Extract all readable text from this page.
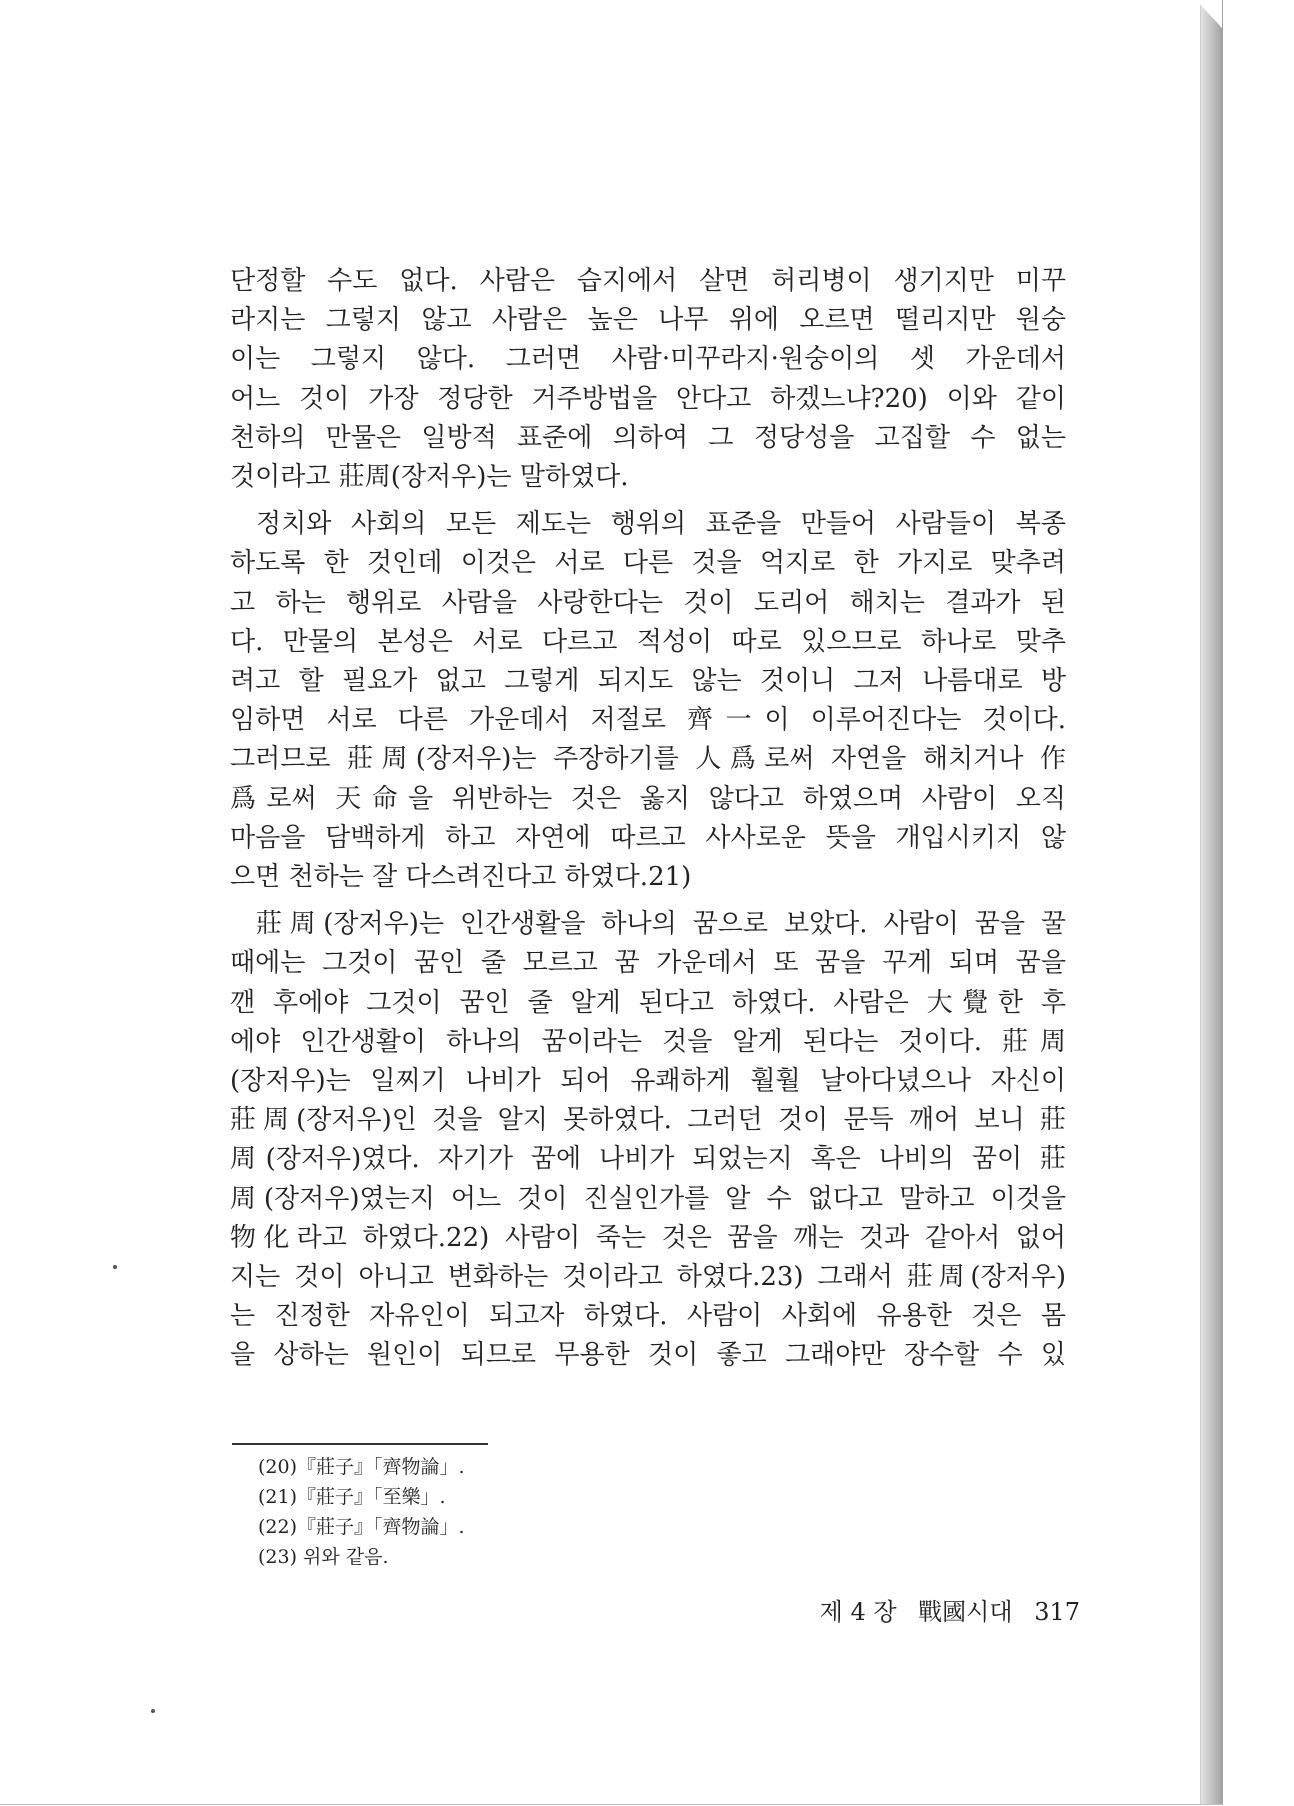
단정할 수도 없다. 사람은 습지에서 살면 허리병이 생기지만 미꾸

라지는 그렇지 않고 사람은 높은 나무 위에 오르면 떨리지만 원숭

이는 그렇지 않다. 그러면 사람·미꾸라지·원숭이의 셋 가운데서

어느 것이 가장 정당한 거주방법을 안다고 하겠느냐?20) 이와 같이

천하의 만물은 일방적 표준에 의하여 그 정당성을 고집할 수 없는

것이라고 莊周(장저우)는 말하였다.

정치와 사회의 모든 제도는 행위의 표준을 만들어 사람들이 복종

하도록 한 것인데 이것은 서로 다른 것을 억지로 한 가지로 맞추려

고 하는 행위로 사람을 사랑한다는 것이 도리어 해치는 결과가 된

다. 만물의 본성은 서로 다르고 적성이 따로 있으므로 하나로 맞추

려고 할 필요가 없고 그렇게 되지도 않는 것이니 그저 나름대로 방

임하면 서로 다른 가운데서 저절로 齊一이 이루어진다는 것이다.

그러므로 莊周(장저우)는 주장하기를 人爲로써 자연을 해치거나 作

爲로써 天命을 위반하는 것은 옳지 않다고 하였으며 사람이 오직

마음을 담백하게 하고 자연에 따르고 사사로운 뜻을 개입시키지 않

으면 천하는 잘 다스려진다고 하였다.21)

莊周(장저우)는 인간생활을 하나의 꿈으로 보았다. 사람이 꿈을 꿀

때에는 그것이 꿈인 줄 모르고 꿈 가운데서 또 꿈을 꾸게 되며 꿈을

깬 후에야 그것이 꿈인 줄 알게 된다고 하였다. 사람은 大覺한 후

에야 인간생활이 하나의 꿈이라는 것을 알게 된다는 것이다. 莊周

(장저우)는 일찌기 나비가 되어 유쾌하게 훨훨 날아다녔으나 자신이

莊周(장저우)인 것을 알지 못하였다. 그러던 것이 문득 깨어 보니 莊

周(장저우)였다. 자기가 꿈에 나비가 되었는지 혹은 나비의 꿈이 莊

周(장저우)였는지 어느 것이 진실인가를 알 수 없다고 말하고 이것을

物化라고 하였다.22) 사람이 죽는 것은 꿈을 깨는 것과 같아서 없어

지는 것이 아니고 변화하는 것이라고 하였다.23) 그래서 莊周(장저우)

는 진정한 자유인이 되고자 하였다. 사람이 사회에 유용한 것은 몸

을 상하는 원인이 되므로 무용한 것이 좋고 그래야만 장수할 수 있

(20)『莊子』「齊物論」.
(21)『莊子』「至樂」.
(22)『莊子』「齊物論」.
(23) 위와 같음.
제 4 장 戰國시대 317
